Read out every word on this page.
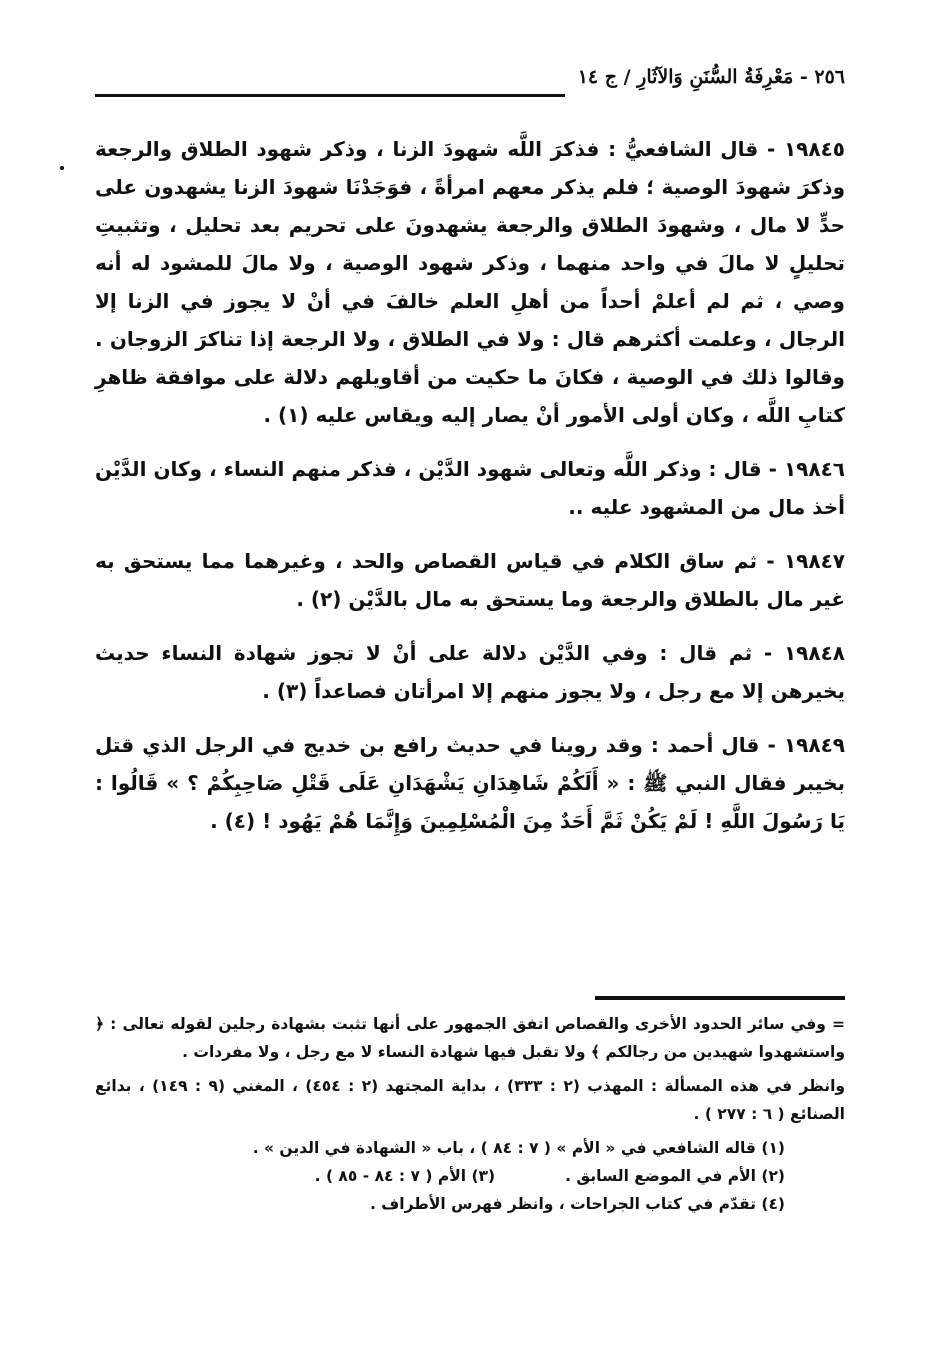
٢٥٦ - مَعْرِفَةُ السُّنَنِ وَالآثَارِ / ج ١٤

١٩٨٤٥ - قال الشافعيُّ : فذكرَ اللَّه شهودَ الزنا ، وذكر شهود الطلاق والرجعة وذكرَ شهودَ الوصية ؛ فلم يذكر معهم امرأةً ، فوَجَدْنَا شهودَ الزنا يشهدون على حدٍّ لا مال ، وشهودَ الطلاق والرجعة يشهدونَ على تحريم بعد تحليل ، وتثبيتِ تحليلٍ لا مالَ في واحد منهما ، وذكر شهود الوصية ، ولا مالَ للمشود له أنه وصي ، ثم لم أعلمْ أحداً من أهلِ العلم خالفَ في أنْ لا يجوز في الزنا إلا الرجال ، وعلمت أكثرهم قال : ولا في الطلاق ، ولا الرجعة إذا تناكرَ الزوجان . وقالوا ذلك في الوصية ، فكانَ ما حكيت من أقاويلهم دلالة على موافقة ظاهرِ كتابِ اللَّه ، وكان أولى الأمور أنْ يصار إليه ويقاس عليه (١) .

١٩٨٤٦ - قال : وذكر اللَّه وتعالى شهود الدَّيْن ، فذكر منهم النساء ، وكان الدَّيْن أخذ مال من المشهود عليه ..

١٩٨٤٧ - ثم ساق الكلام في قياس القصاص والحد ، وغيرهما مما يستحق به غير مال بالطلاق والرجعة وما يستحق به مال بالدَّيْن (٢) .

١٩٨٤٨ - ثم قال : وفي الدَّيْن دلالة على أنْ لا تجوز شهادة النساء حديث يخيرهن إلا مع رجل ، ولا يجوز منهم إلا امرأتان فصاعداً (٣) .

١٩٨٤٩ - قال أحمد : وقد روينا في حديث رافع بن خديج في الرجل الذي قتل بخيبر فقال النبي ﷺ : « أَلَكُمْ شَاهِدَانِ يَشْهَدَانِ عَلَى قَتْلِ صَاحِبِكُمْ ؟ » قَالُوا : يَا رَسُولَ اللَّهِ ! لَمْ يَكُنْ ثَمَّ أَحَدٌ مِنَ الْمُسْلِمِينَ وَإِنَّمَا هُمْ يَهُود ! (٤) .

= وفي سائر الحدود الأخرى والقصاص اتفق الجمهور على أنها تثبت بشهادة رجلين لقوله تعالى : ﴿ واستشهدوا شهيدين من رجالكم ﴾ ولا تقبل فيها شهادة النساء لا مع رجل ، ولا مفردات .

وانظر في هذه المسألة : المهذب (٢ : ٣٣٣) ، بداية المجتهد (٢ : ٤٥٤) ، المغني (٩ : ١٤٩) ، بدائع الصنائع ( ٦ : ٢٧٧ ) .

(١) قاله الشافعي في « الأم » ( ٧ : ٨٤ ) ، باب « الشهادة في الدين » .

(٢) الأم في الموضع السابق .
(٣) الأم ( ٧ : ٨٤ - ٨٥ ) .

(٤) تقدّم في كتاب الجراحات ، وانظر فهرس الأطراف .
